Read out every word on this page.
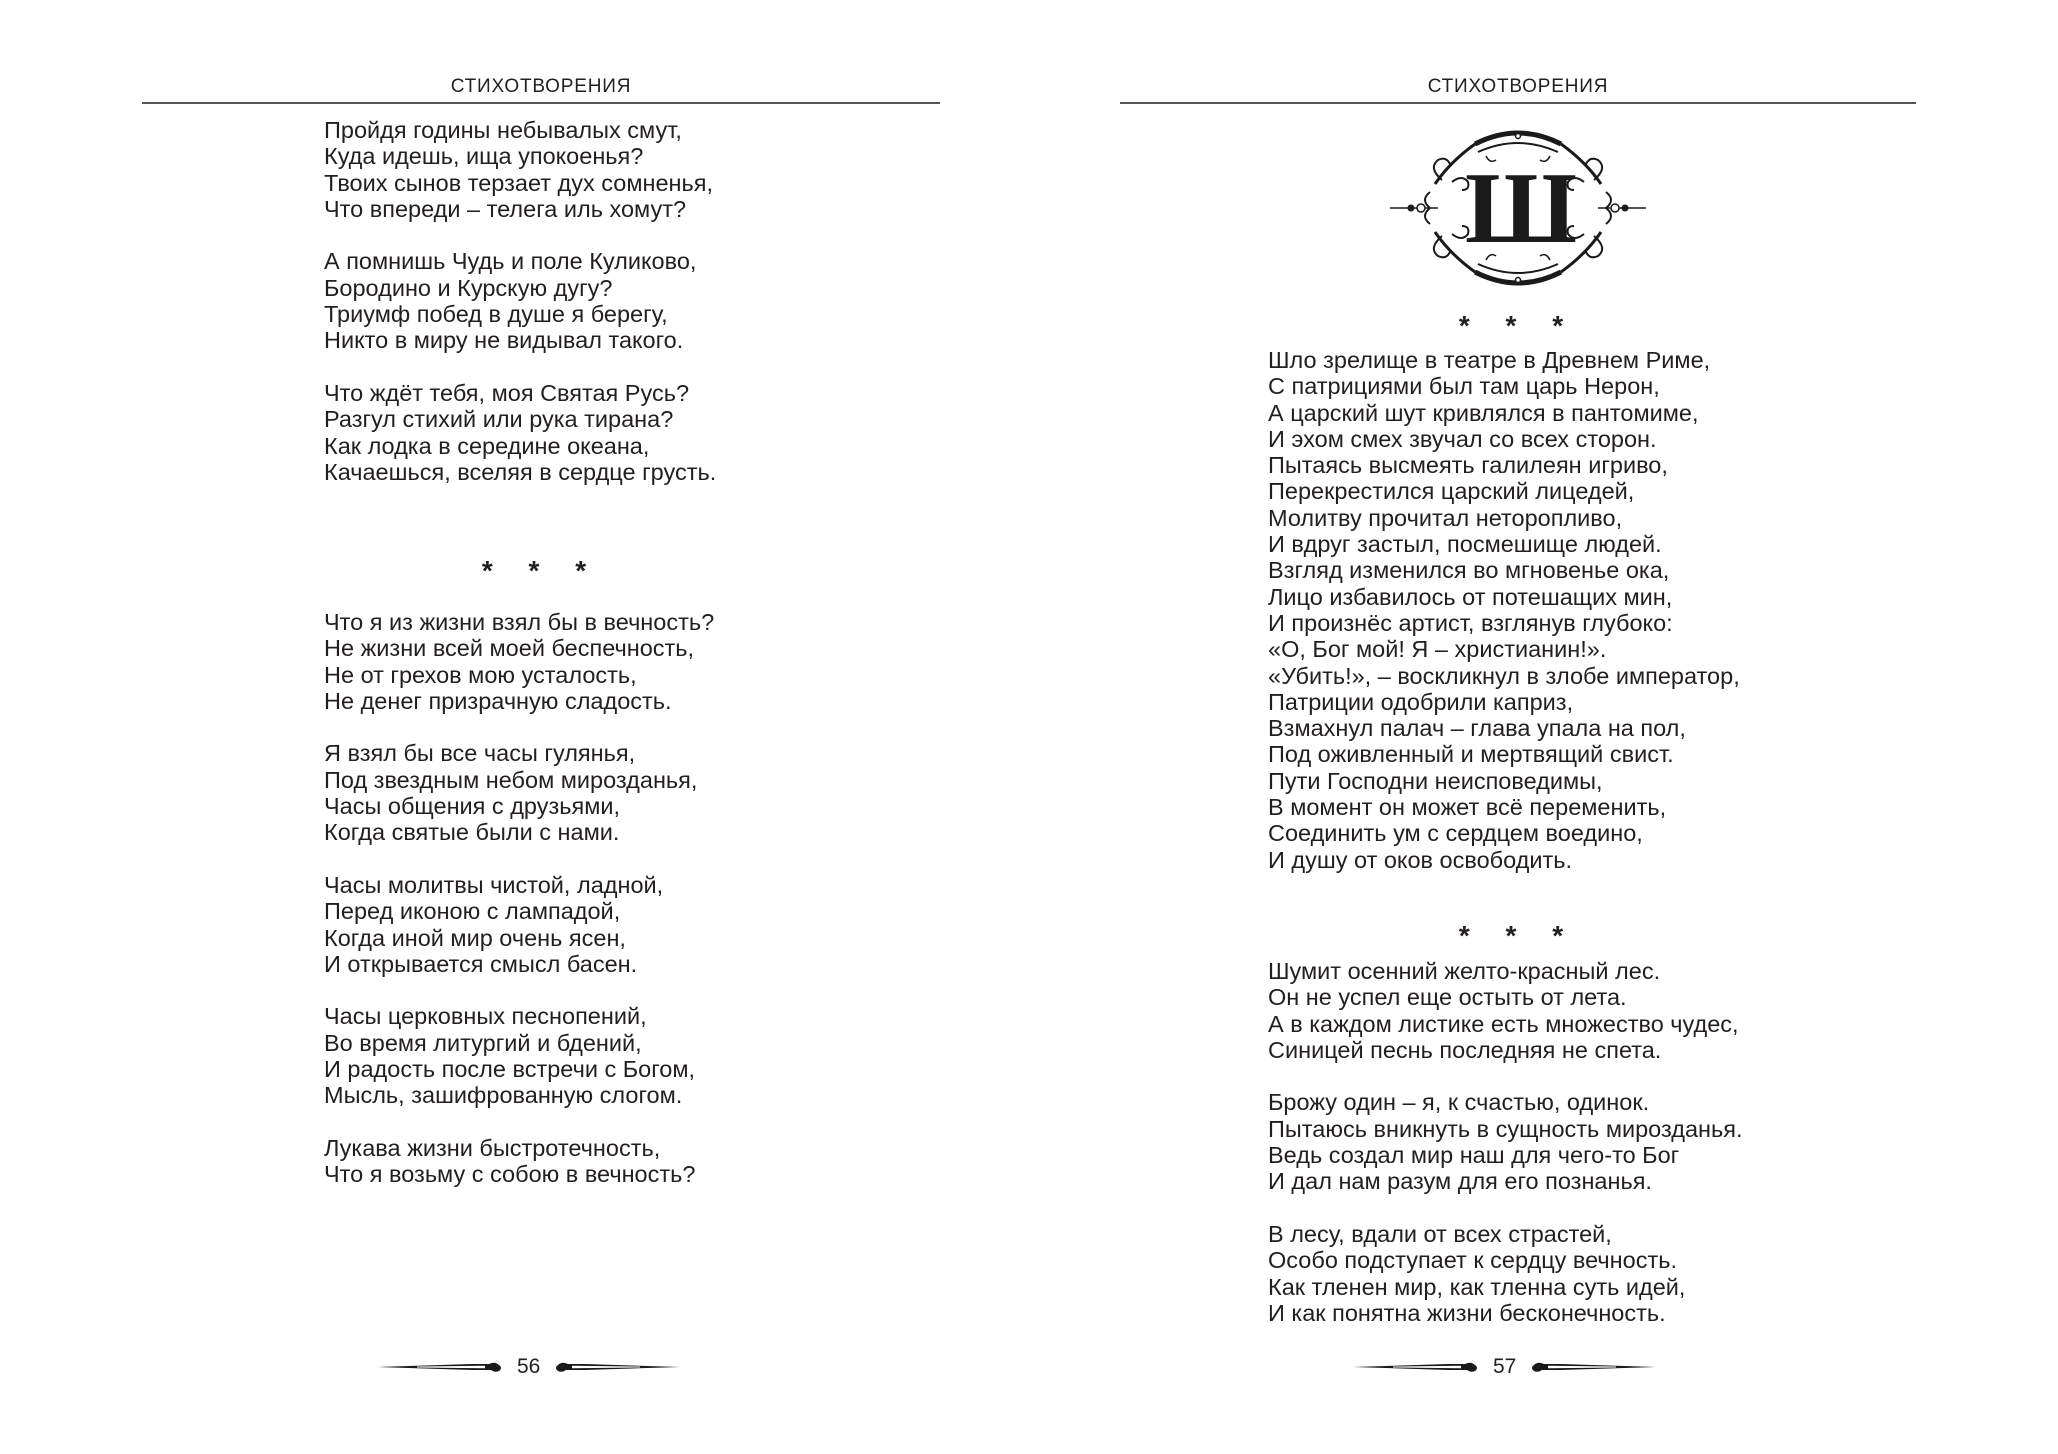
СТИХОТВОРЕНИЯ
Пройдя годины небывалых смут,
Куда идешь, ища упокоенья?
Твоих сынов терзает дух сомненья,
Что впереди – телега иль хомут?
А помнишь Чудь и поле Куликово,
Бородино и Курскую дугу?
Триумф побед в душе я берегу,
Никто в миру не видывал такого.
Что ждёт тебя, моя Святая Русь?
Разгул стихий или рука тирана?
Как лодка в середине океана,
Качаешься, вселяя в сердце грусть.
* * *
Что я из жизни взял бы в вечность?
Не жизни всей моей беспечность,
Не от грехов мою усталость,
Не денег призрачную сладость.
Я взял бы все часы гулянья,
Под звездным небом мирозданья,
Часы общения с друзьями,
Когда святые были с нами.
Часы молитвы чистой, ладной,
Перед иконою с лампадой,
Когда иной мир очень ясен,
И открывается смысл басен.
Часы церковных песнопений,
Во время литургий и бдений,
И радость после встречи с Богом,
Мысль, зашифрованную слогом.
Лукава жизни быстротечность,
Что я возьму с собою в вечность?
56
СТИХОТВОРЕНИЯ
Ш
* * *
Шло зрелище в театре в Древнем Риме,
С патрициями был там царь Нерон,
А царский шут кривлялся в пантомиме,
И эхом смех звучал со всех сторон.
Пытаясь высмеять галилеян игриво,
Перекрестился царский лицедей,
Молитву прочитал неторопливо,
И вдруг застыл, посмешище людей.
Взгляд изменился во мгновенье ока,
Лицо избавилось от потешащих мин,
И произнёс артист, взглянув глубоко:
«О, Бог мой! Я – христианин!».
«Убить!», – воскликнул в злобе император,
Патриции одобрили каприз,
Взмахнул палач – глава упала на пол,
Под оживленный и мертвящий свист.
Пути Господни неисповедимы,
В момент он может всё переменить,
Соединить ум с сердцем воедино,
И душу от оков освободить.
* * *
Шумит осенний желто-красный лес.
Он не успел еще остыть от лета.
А в каждом листике есть множество чудес,
Синицей песнь последняя не спета.
Брожу один – я, к счастью, одинок.
Пытаюсь вникнуть в сущность мирозданья.
Ведь создал мир наш для чего-то Бог
И дал нам разум для его познанья.
В лесу, вдали от всех страстей,
Особо подступает к сердцу вечность.
Как тленен мир, как тленна суть идей,
И как понятна жизни бесконечность.
57
